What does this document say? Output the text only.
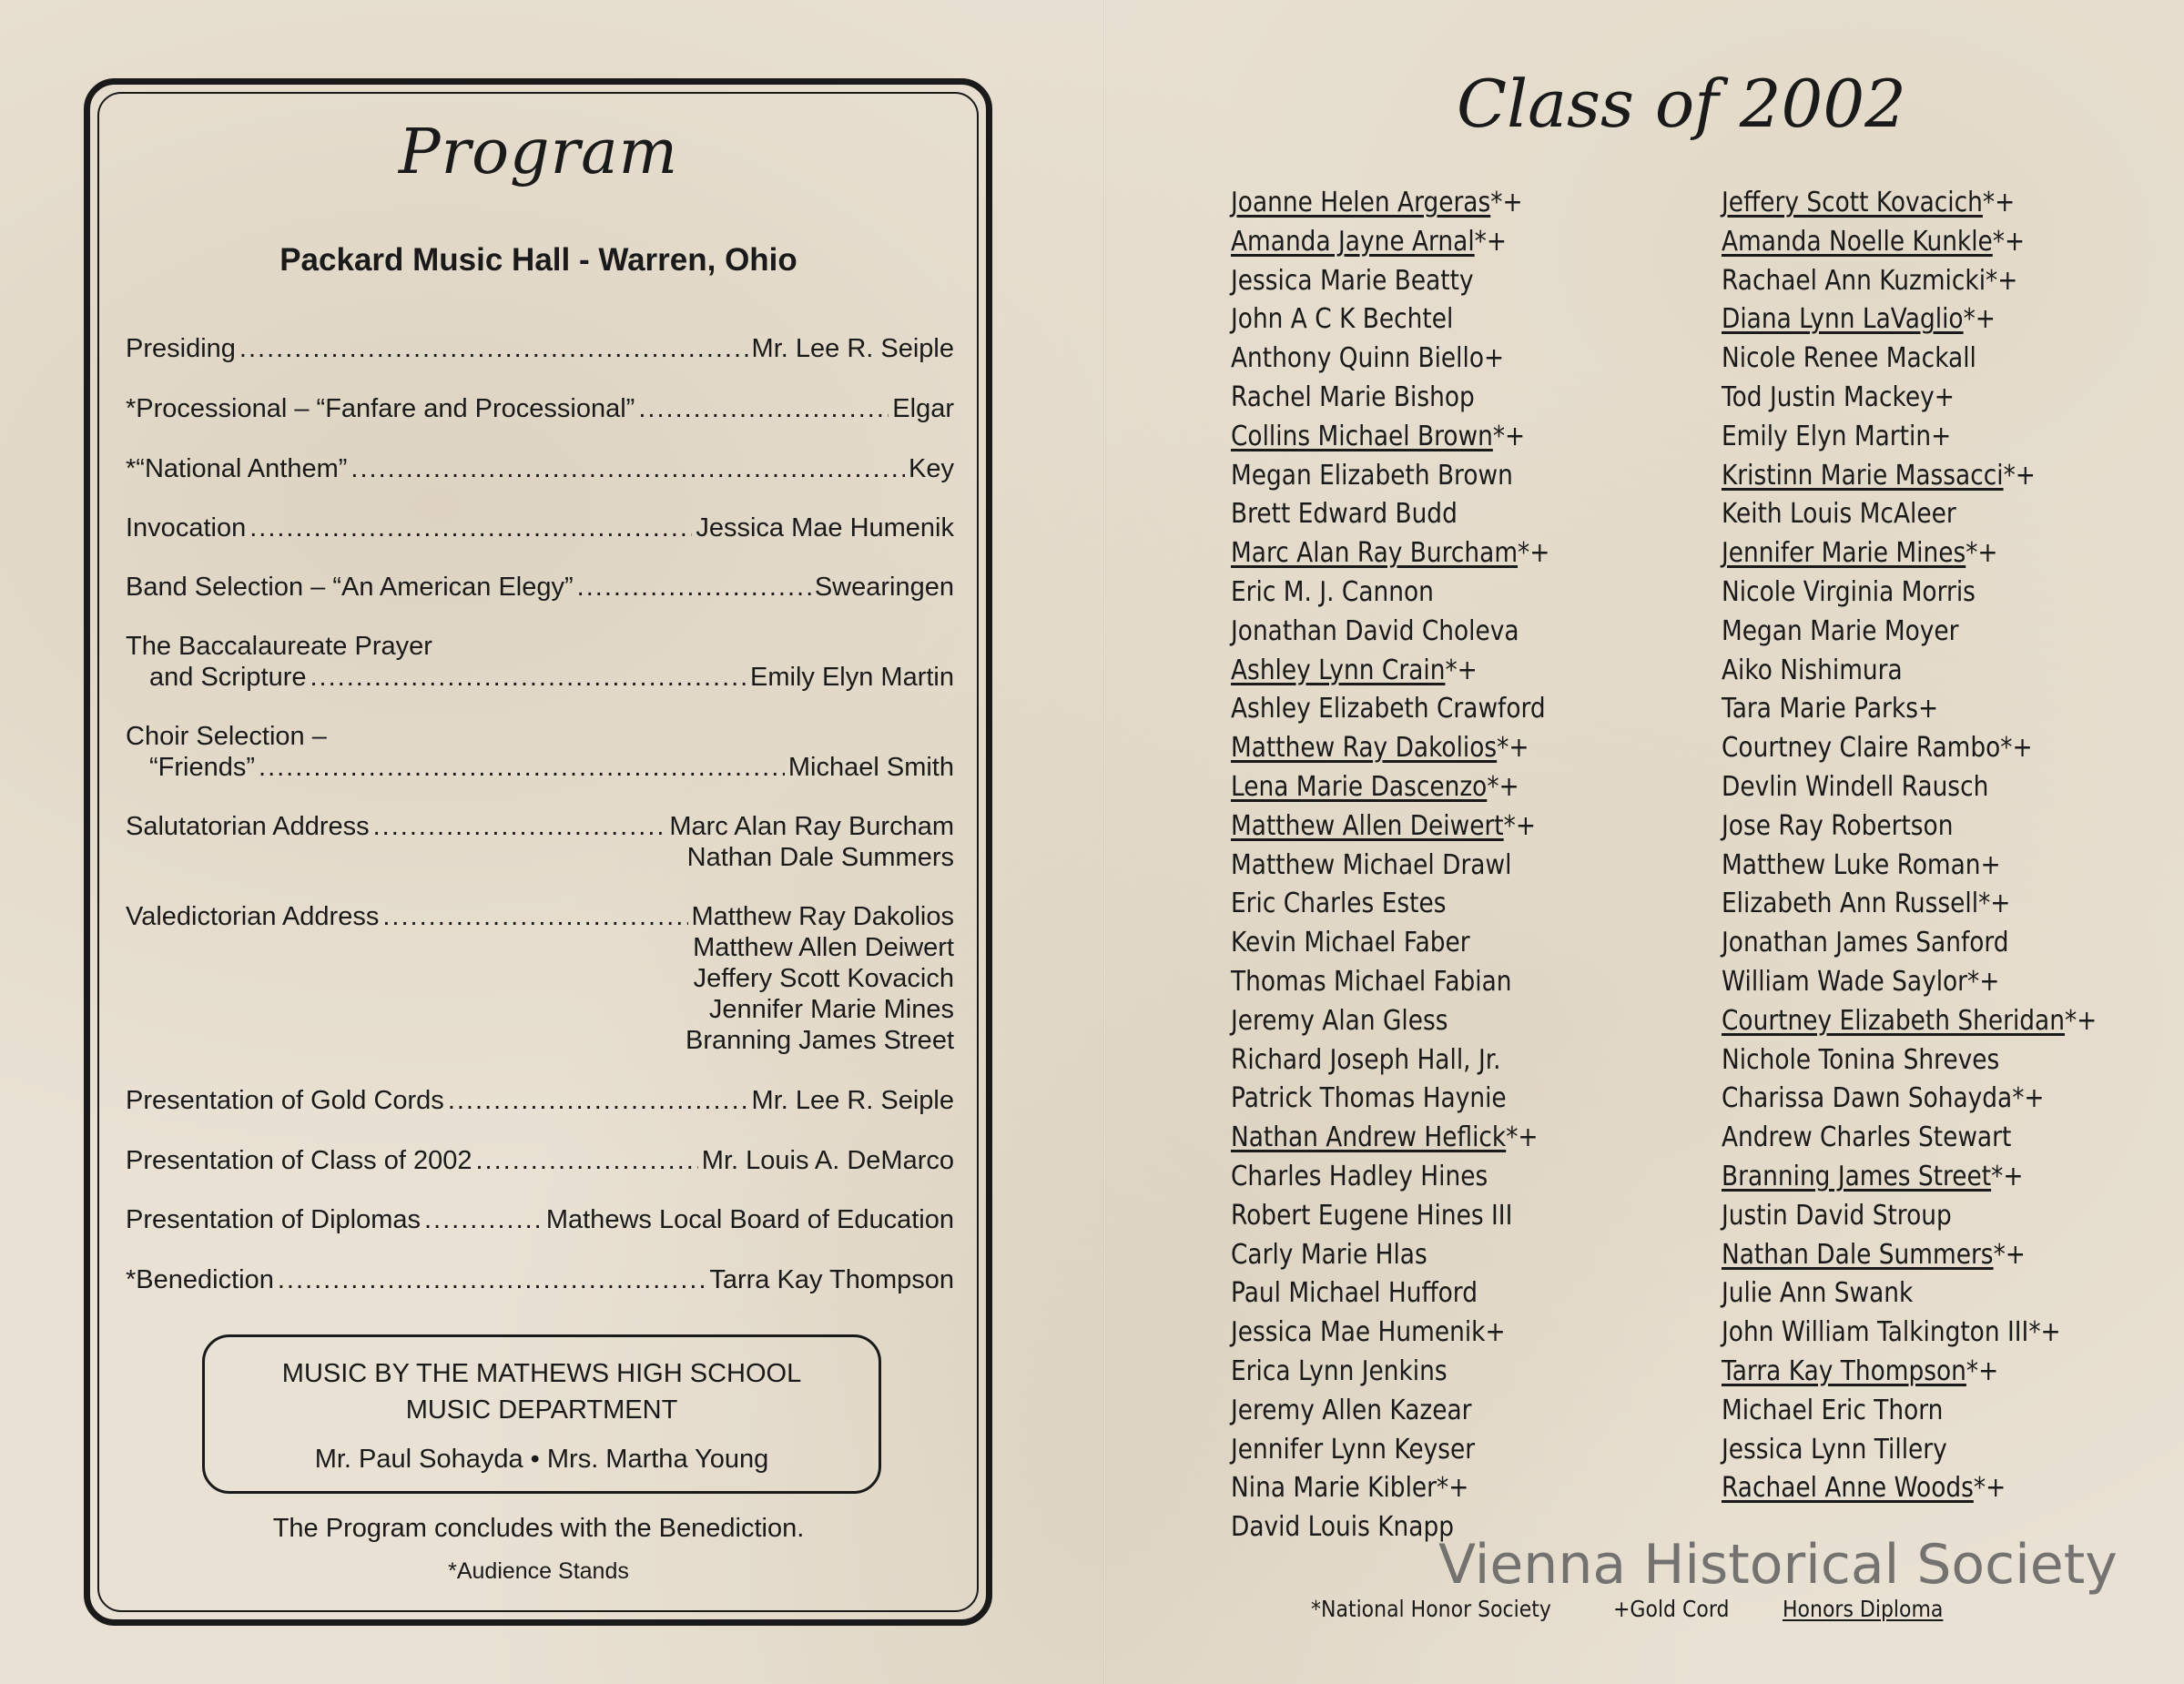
Program
Packard Music Hall - Warren, Ohio
Presiding .....	Mr. Lee R. Seiple
*Processional – “Fanfare and Processional” .....	Elgar
*“National Anthem” .....	Key
Invocation .....	Jessica Mae Humenik
Band Selection – “An American Elegy” .....	Swearingen
The Baccalaureate Prayer
and Scripture .....	Emily Elyn Martin
Choir Selection –
“Friends” .....	Michael Smith
Salutatorian Address .....	Marc Alan Ray Burcham
Nathan Dale Summers
Valedictorian Address .....	Matthew Ray Dakolios
Matthew Allen Deiwert
Jeffery Scott Kovacich
Jennifer Marie Mines
Branning James Street
Presentation of Gold Cords .....	Mr. Lee R. Seiple
Presentation of Class of 2002 .....	Mr. Louis A. DeMarco
Presentation of Diplomas .....	Mathews Local Board of Education
*Benediction .....	Tarra Kay Thompson
MUSIC BY THE MATHEWS HIGH SCHOOL
MUSIC DEPARTMENT
Mr. Paul Sohayda • Mrs. Martha Young
The Program concludes with the Benediction.
*Audience Stands
Class of 2002
Joanne Helen Argeras*+
Amanda Jayne Arnal*+
Jessica Marie Beatty
John A C K Bechtel
Anthony Quinn Biello+
Rachel Marie Bishop
Collins Michael Brown*+
Megan Elizabeth Brown
Brett Edward Budd
Marc Alan Ray Burcham*+
Eric M. J. Cannon
Jonathan David Choleva
Ashley Lynn Crain*+
Ashley Elizabeth Crawford
Matthew Ray Dakolios*+
Lena Marie Dascenzo*+
Matthew Allen Deiwert*+
Matthew Michael Drawl
Eric Charles Estes
Kevin Michael Faber
Thomas Michael Fabian
Jeremy Alan Gless
Richard Joseph Hall, Jr.
Patrick Thomas Haynie
Nathan Andrew Heflick*+
Charles Hadley Hines
Robert Eugene Hines III
Carly Marie Hlas
Paul Michael Hufford
Jessica Mae Humenik+
Erica Lynn Jenkins
Jeremy Allen Kazear
Jennifer Lynn Keyser
Nina Marie Kibler*+
David Louis Knapp
Jeffery Scott Kovacich*+
Amanda Noelle Kunkle*+
Rachael Ann Kuzmicki*+
Diana Lynn LaVaglio*+
Nicole Renee Mackall
Tod Justin Mackey+
Emily Elyn Martin+
Kristinn Marie Massacci*+
Keith Louis McAleer
Jennifer Marie Mines*+
Nicole Virginia Morris
Megan Marie Moyer
Aiko Nishimura
Tara Marie Parks+
Courtney Claire Rambo*+
Devlin Windell Rausch
Jose Ray Robertson
Matthew Luke Roman+
Elizabeth Ann Russell*+
Jonathan James Sanford
William Wade Saylor*+
Courtney Elizabeth Sheridan*+
Nichole Tonina Shreves
Charissa Dawn Sohayda*+
Andrew Charles Stewart
Branning James Street*+
Justin David Stroup
Nathan Dale Summers*+
Julie Ann Swank
John William Talkington III*+
Tarra Kay Thompson*+
Michael Eric Thorn
Jessica Lynn Tillery
Rachael Anne Woods*+
Vienna Historical Society
*National Honor Society	+Gold Cord Honors Diploma
